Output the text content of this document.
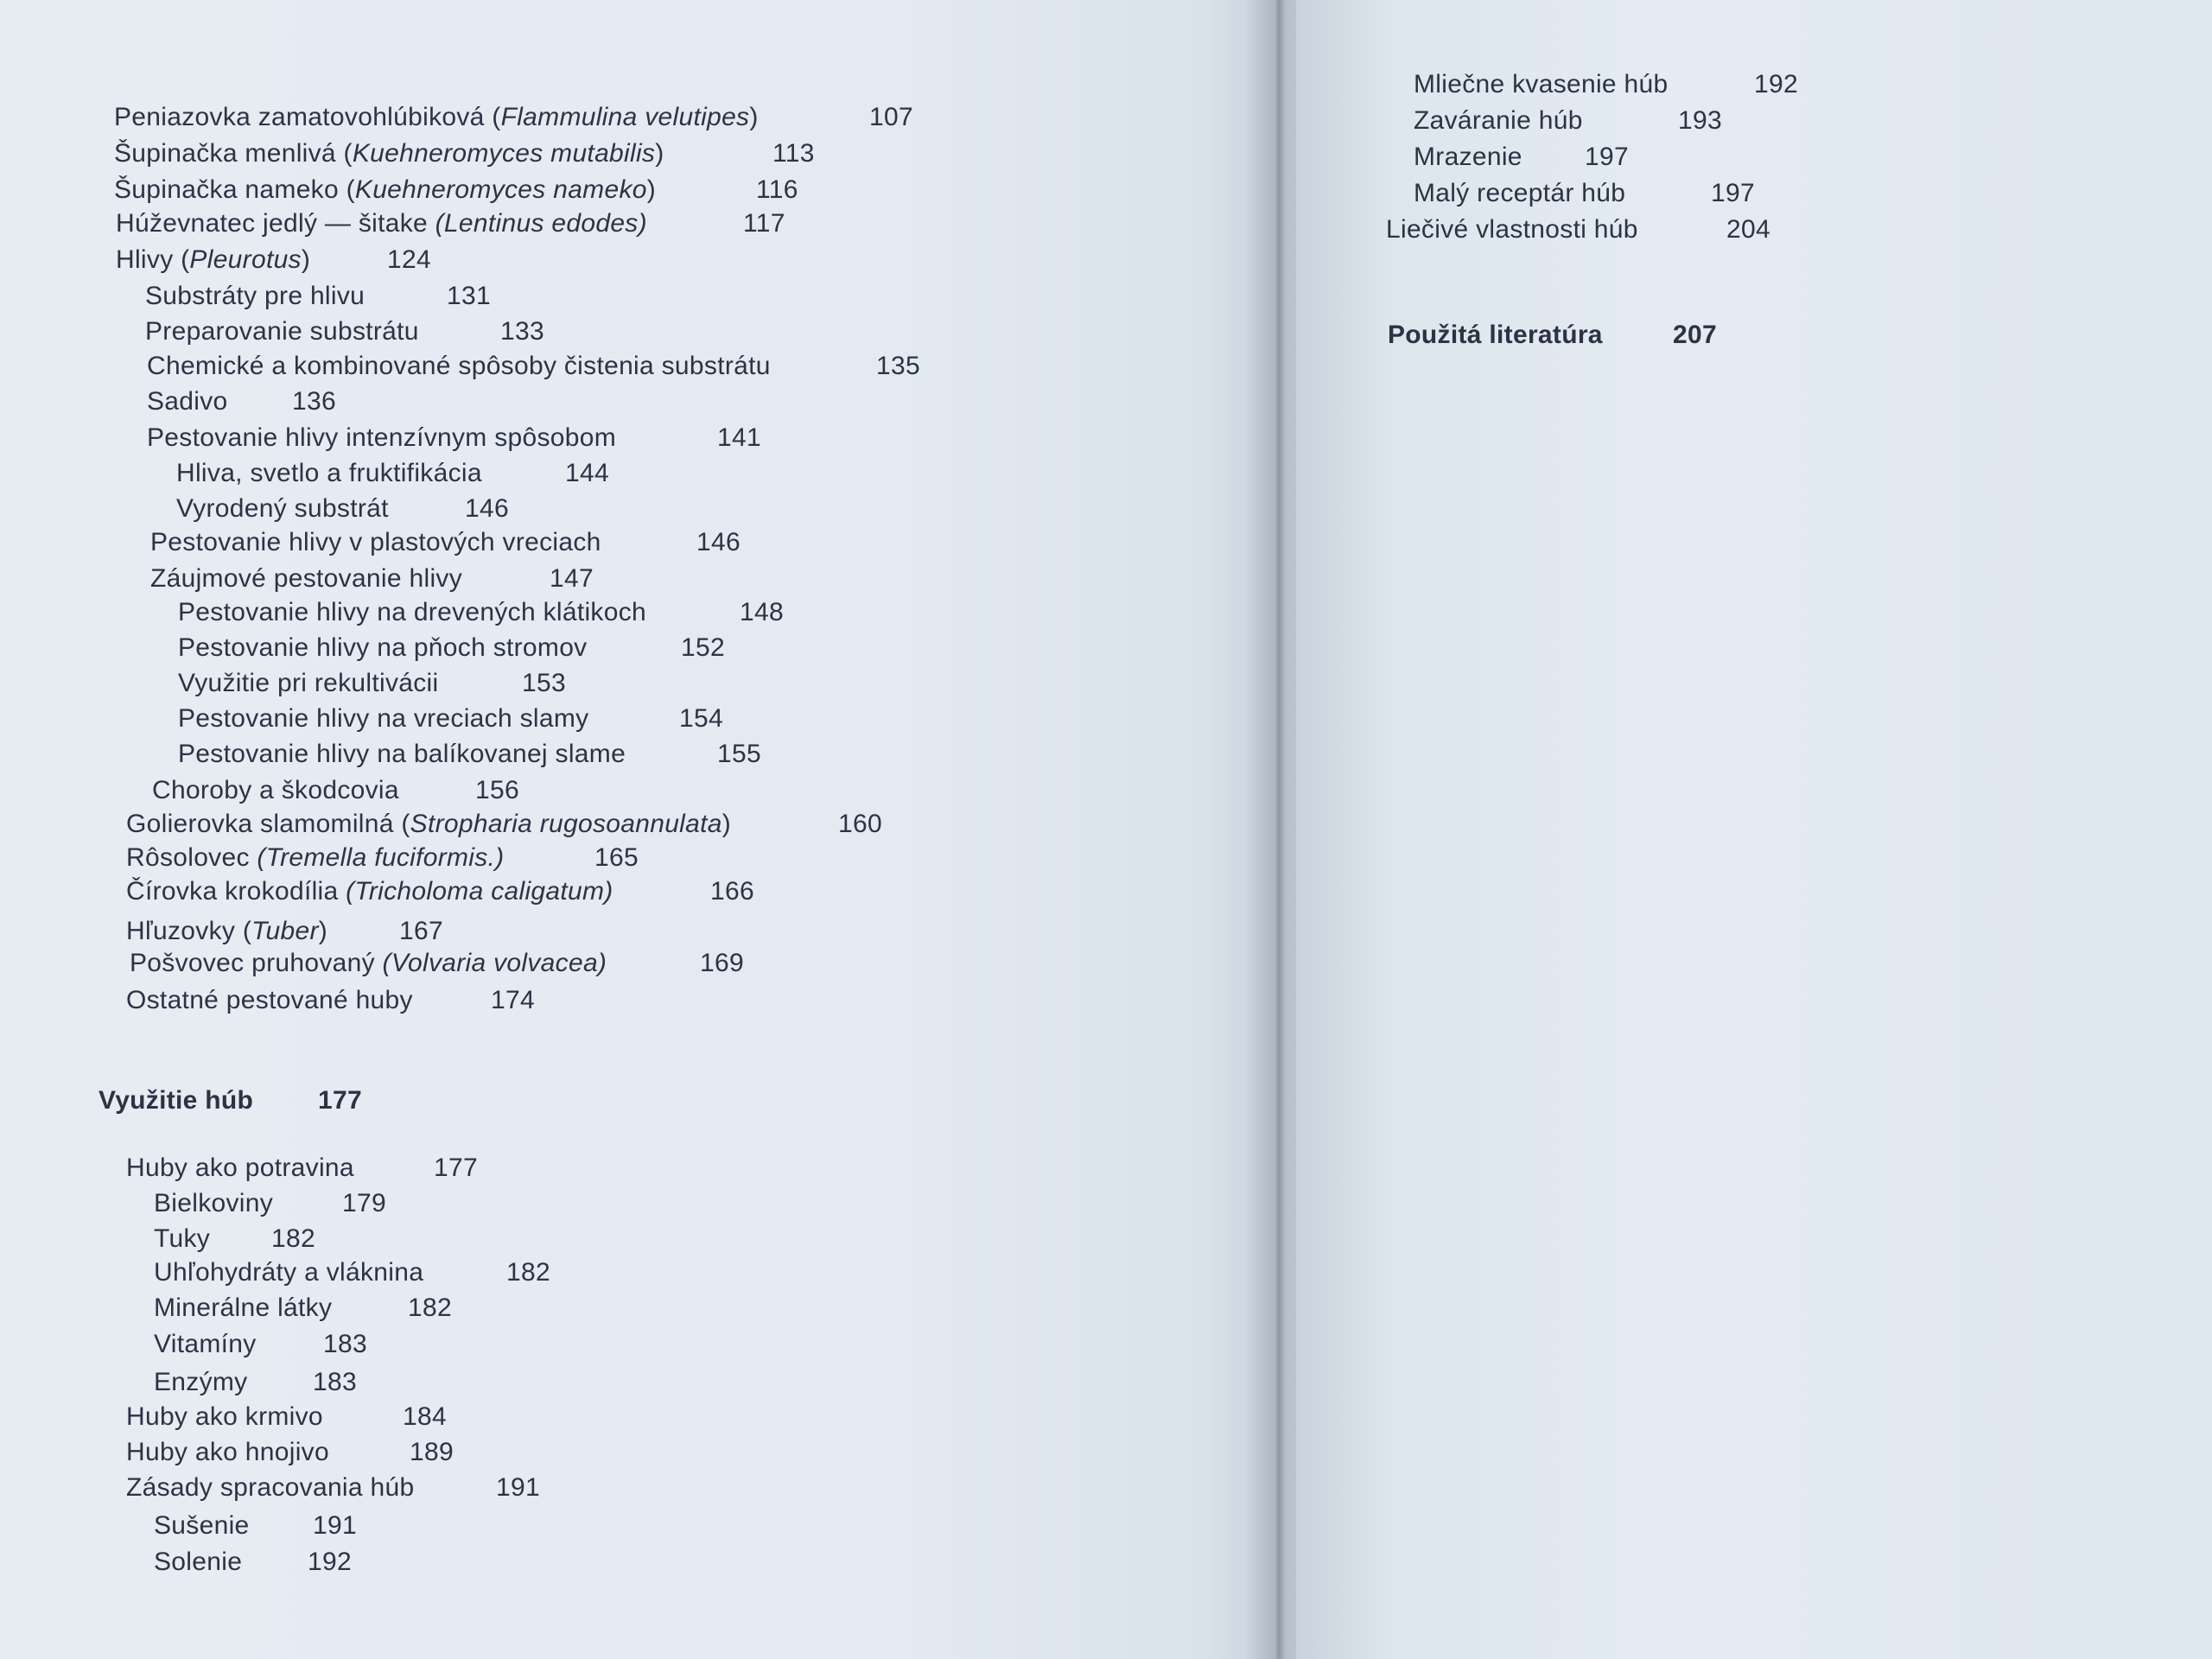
Peniazovka zamatovohlúbiková (Flammulina velutipes)	107

Šupinačka menlivá (Kuehneromyces mutabilis)	113

Šupinačka nameko (Kuehneromyces nameko)	116

Húževnatec jedlý — šitake (Lentinus edodes)	117

Hlivy (Pleurotus)	124

Substráty pre hlivu	131

Preparovanie substrátu	133

Chemické a kombinované spôsoby čistenia substrátu	135

Sadivo 136

Pestovanie hlivy intenzívnym spôsobom	141

Hliva, svetlo a fruktifikácia	144

Vyrodený substrát	146

Pestovanie hlivy v plastových vreciach	146

Záujmové pestovanie hlivy	147

Pestovanie hlivy na drevených klátikoch	148

Pestovanie hlivy na pňoch stromov	152

Využitie pri rekultivácii	153

Pestovanie hlivy na vreciach slamy	154

Pestovanie hlivy na balíkovanej slame	155

Choroby a škodcovia	156

Golierovka slamomilná (Stropharia rugosoannulata)	160

Rôsolovec (Tremella fuciformis.)	165

Čírovka krokodília (Tricholoma caligatum)	166

Hľuzovky (Tuber)	167

Pošvovec pruhovaný (Volvaria volvacea)	169

Ostatné pestované huby	174

Využitie húb 177

Huby ako potravina	177

Bielkoviny	179

Tuky 182

Uhľohydráty a vláknina	182

Minerálne látky	182

Vitamíny	183

Enzýmy	183

Huby ako krmivo	184

Huby ako hnojivo	189

Zásady spracovania húb	191

Sušenie 191

Solenie	192

Mliečne kvasenie húb	192

Zaváranie húb	193

Mrazenie 197

Malý receptár húb	197

Liečivé vlastnosti húb	204

Použitá literatúra	207
